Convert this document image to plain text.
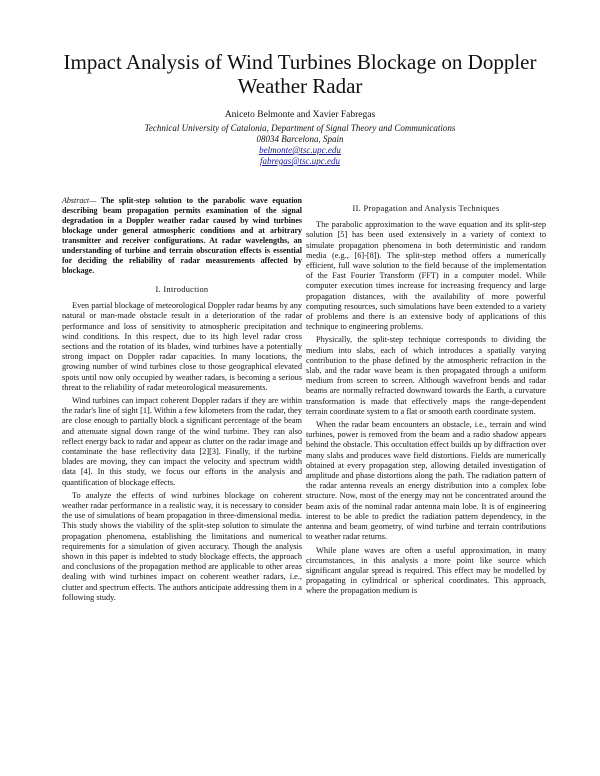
Impact Analysis of Wind Turbines Blockage on Doppler Weather Radar
Aniceto Belmonte and Xavier Fabregas
Technical University of Catalonia, Department of Signal Theory and Communications
08034 Barcelona, Spain
belmonte@tsc.upc.edu
fabregas@tsc.upc.edu

Abstract— The split-step solution to the parabolic wave equation describing beam propagation permits examination of the signal degradation in a Doppler weather radar caused by wind turbines blockage under general atmospheric conditions and at arbitrary transmitter and receiver configurations. At radar wavelengths, an understanding of turbine and terrain obscuration effects is essential for deciding the reliability of radar measurements affected by blockage.

I. Introduction

Even partial blockage of meteorological Doppler radar beams by any natural or man-made obstacle result in a deterioration of the radar performance and loss of sensitivity to atmospheric precipitation and wind conditions. In this respect, due to its high level radar cross sections and the rotation of its blades, wind turbines have a potentially strong impact on Doppler radar capacities. In many locations, the growing number of wind turbines close to those geographical elevated spots until now only occupied by weather radars, is becoming a serious threat to the reliability of radar meteorological measurements.

Wind turbines can impact coherent Doppler radars if they are within the radar's line of sight [1]. Within a few kilometers from the radar, they are close enough to partially block a significant percentage of the beam and attenuate signal down range of the wind turbine. They can also reflect energy back to radar and appear as clutter on the radar image and contaminate the base reflectivity data [2][3]. Finally, if the turbine blades are moving, they can impact the velocity and spectrum width data [4]. In this study, we focus our efforts in the analysis and quantification of blockage effects.

To analyze the effects of wind turbines blockage on coherent weather radar performance in a realistic way, it is necessary to consider the use of simulations of beam propagation in three-dimensional media. This study shows the viability of the split-step solution to simulate the propagation phenomena, establishing the limitations and numerical requirements for a simulation of given accuracy. Though the analysis shown in this paper is indebted to study blockage effects, the approach and conclusions of the propagation method are applicable to other areas dealing with wind turbines impact on coherent weather radars, i.e., clutter and spectrum effects. The authors anticipate addressing them in a following study.

II. Propagation and Analysis Techniques

The parabolic approximation to the wave equation and its split-step solution [5] has been used extensively in a variety of context to simulate propagation phenomena in both deterministic and random media (e.g., [6]-[8]). The split-step method offers a numerically efficient, full wave solution to the field because of the implementation of the Fast Fourier Transform (FFT) in a computer model. While computer execution times increase for increasing frequency and large propagation distances, with the availability of more powerful computing resources, such simulations have been extended to a variety of problems and there is an extensive body of applications of this technique to engineering problems.

Physically, the split-step technique corresponds to dividing the medium into slabs, each of which introduces a spatially varying contribution to the phase defined by the atmospheric refraction in the slab, and the radar wave beam is then propagated through a uniform medium from screen to screen. Although wavefront bends and radar beams are normally refracted downward towards the Earth, a curvature transformation is made that effectively maps the range-dependent terrain coordinate system to a flat or smooth earth coordinate system.

When the radar beam encounters an obstacle, i.e., terrain and wind turbines, power is removed from the beam and a radio shadow appears behind the obstacle. This occultation effect builds up by diffraction over many slabs and produces wave field distortions. Fields are numerically obtained at every propagation step, allowing detailed investigation of amplitude and phase distortions along the path. The radiation pattern of the radar antenna reveals an energy distribution into a complex lobe structure. Now, most of the energy may not be concentrated around the beam axis of the nominal radar antenna main lobe. It is of engineering interest to be able to predict the radiation pattern dependency, in the antenna and beam geometry, of wind turbine and terrain contributions to weather radar returns.

While plane waves are often a useful approximation, in many circumstances, in this analysis a more point like source which significant angular spread is required. This effect may be modelled by propagating in cylindrical or spherical coordinates. This approach, where the propagation medium is
